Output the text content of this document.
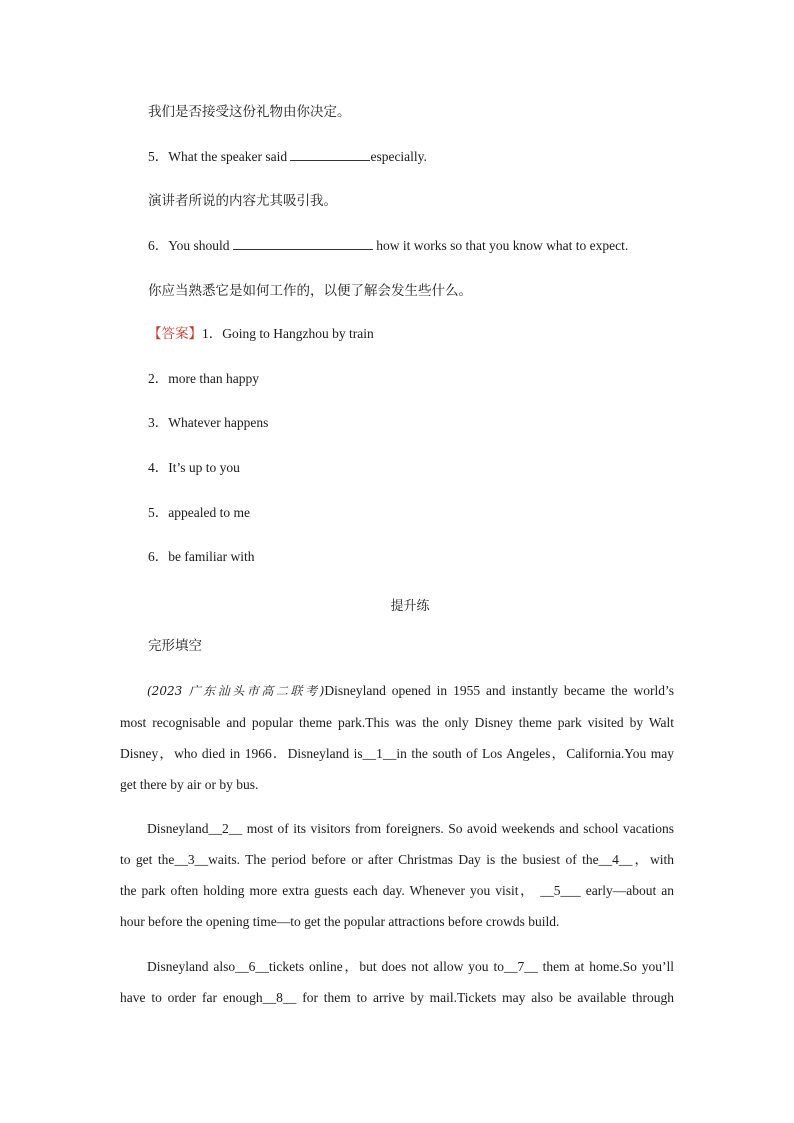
我们是否接受这份礼物由你决定。
5．What the speaker said	especially.
演讲者所说的内容尤其吸引我。
6．You should	how it works so that you know what to expect.
你应当熟悉它是如何工作的，以便了解会发生些什么。
【答案】1．Going to Hangzhou by train
2．more than happy
3．Whatever happens
4．It’s up to you
5．appealed to me
6．be familiar with
提升练
完形填空
(2023 广东汕头市高二联考)Disneyland opened in 1955 and instantly became the world’s
most recognisable and popular theme park.This was the only Disney theme park visited by Walt
Disney，who died in 1966．Disneyland is__1__in the south of Los Angeles，California.You may
get there by air or by bus.
Disneyland__2__ most of its visitors from foreigners. So avoid weekends and school vacations
to get the__3__waits. The period before or after Christmas Day is the busiest of the__4__，with
the park often holding more extra guests each day. Whenever you visit， __5___ early—about an
hour before the opening time—to get the popular attractions before crowds build.
Disneyland also__6__tickets online，but does not allow you to__7__ them at home.So you’ll
have to order far enough__8__ for them to arrive by mail.Tickets may also be available through
